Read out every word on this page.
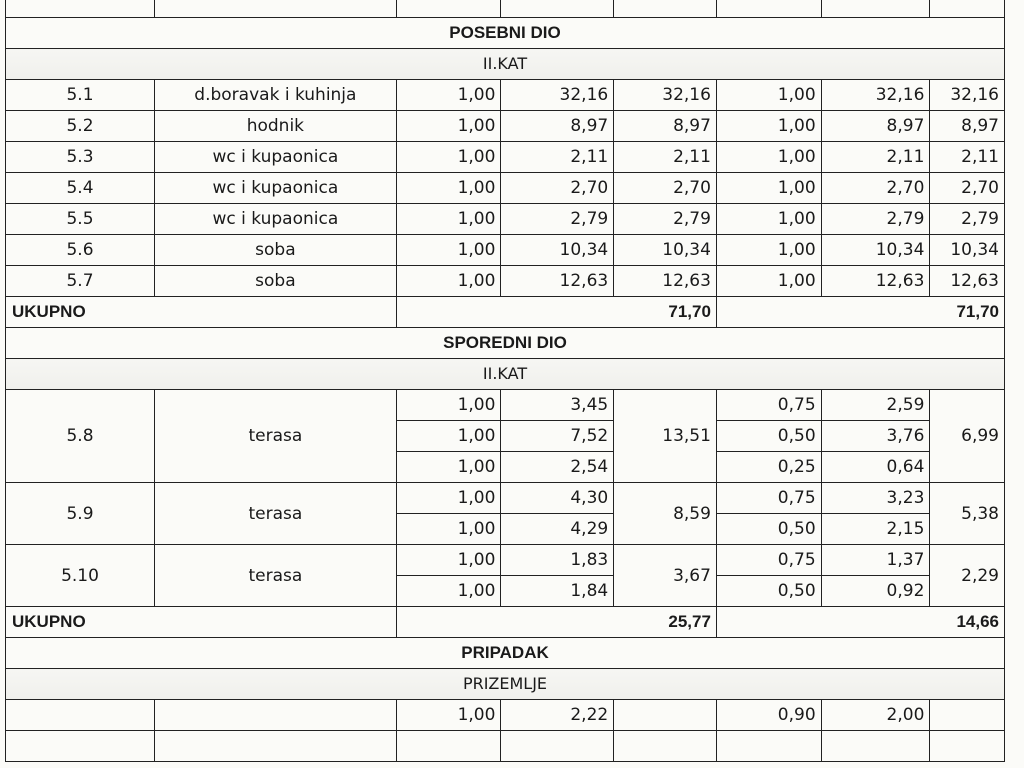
POSEBNI DIO							
II.KAT							
5.1	d.boravak i kuhinja	1,00	32,16	32,16	1,00	32,16	32,16
5.2	hodnik	1,00	8,97	8,97	1,00	8,97	8,97
5.3	wc i kupaonica	1,00	2,11	2,11	1,00	2,11	2,11
5.4	wc i kupaonica	1,00	2,70	2,70	1,00	2,70	2,70
5.5	wc i kupaonica	1,00	2,79	2,79	1,00	2,79	2,79
5.6	soba	1,00	10,34	10,34	1,00	10,34	10,34
5.7	soba	1,00	12,63	12,63	1,00	12,63	12,63
UKUPNO		71,70			71,70		
SPOREDNI DIO							
II.KAT							
5.8	terasa	1,00	3,45	13,51	0,75	2,59	6,99
		1,00	7,52		0,50	3,76	
		1,00	2,54		0,25	0,64	
5.9	terasa	1,00	4,30	8,59	0,75	3,23	5,38
		1,00	4,29		0,50	2,15	
5.10	terasa	1,00	1,83	3,67	0,75	1,37	2,29
		1,00	1,84		0,50	0,92	
UKUPNO		25,77			14,66		
PRIPADAK							
PRIZEMLJE							
		1,00	2,22		0,90	2,00	
